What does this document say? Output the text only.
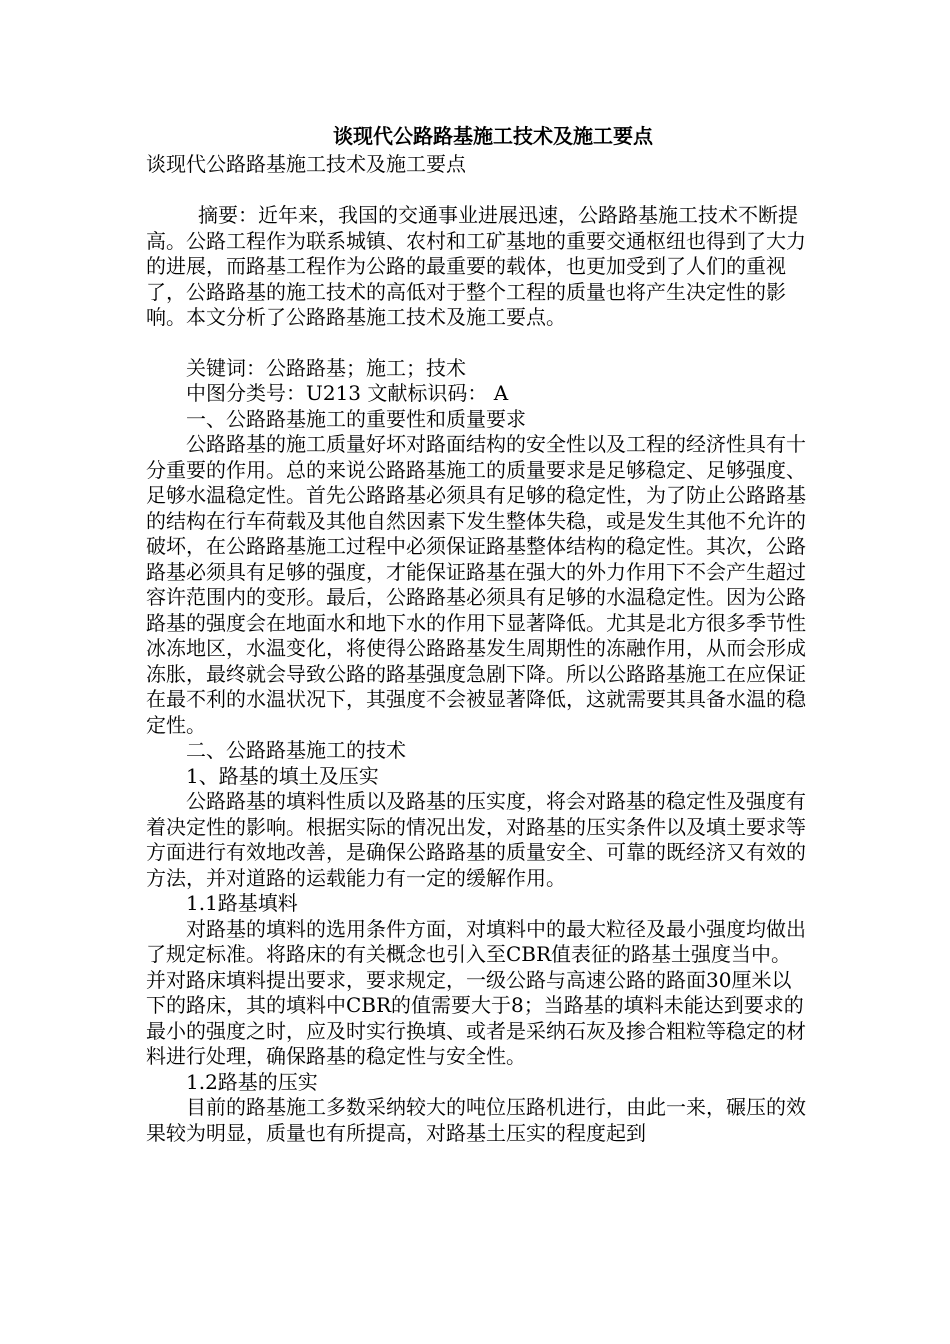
谈现代公路路基施工技术及施工要点

谈现代公路路基施工技术及施工要点

摘要：近年来，我国的交通事业进展迅速，公路路基施工技术不断提高。公路工程作为联系城镇、农村和工矿基地的重要交通枢纽也得到了大力的进展，而路基工程作为公路的最重要的载体，也更加受到了人们的重视了，公路路基的施工技术的高低对于整个工程的质量也将产生决定性的影响。本文分析了公路路基施工技术及施工要点。

关键词：公路路基；施工；技术

中图分类号：U213 文献标识码： A

一、公路路基施工的重要性和质量要求

公路路基的施工质量好坏对路面结构的安全性以及工程的经济性具有十分重要的作用。总的来说公路路基施工的质量要求是足够稳定、足够强度、足够水温稳定性。首先公路路基必须具有足够的稳定性，为了防止公路路基的结构在行车荷载及其他自然因素下发生整体失稳，或是发生其他不允许的破坏，在公路路基施工过程中必须保证路基整体结构的稳定性。其次，公路路基必须具有足够的强度，才能保证路基在强大的外力作用下不会产生超过容许范围内的变形。最后，公路路基必须具有足够的水温稳定性。因为公路路基的强度会在地面水和地下水的作用下显著降低。尤其是北方很多季节性冰冻地区，水温变化，将使得公路路基发生周期性的冻融作用，从而会形成冻胀，最终就会导致公路的路基强度急剧下降。所以公路路基施工在应保证在最不利的水温状况下，其强度不会被显著降低，这就需要其具备水温的稳定性。

二、公路路基施工的技术

1、路基的填土及压实

公路路基的填料性质以及路基的压实度，将会对路基的稳定性及强度有着决定性的影响。根据实际的情况出发，对路基的压实条件以及填土要求等方面进行有效地改善，是确保公路路基的质量安全、可靠的既经济又有效的方法，并对道路的运载能力有一定的缓解作用。

1.1路基填料

对路基的填料的选用条件方面，对填料中的最大粒径及最小强度均做出了规定标准。将路床的有关概念也引入至CBR值表征的路基土强度当中。并对路床填料提出要求，要求规定，一级公路与高速公路的路面30厘米以下的路床，其的填料中CBR的值需要大于8；当路基的填料未能达到要求的最小的强度之时，应及时实行换填、或者是采纳石灰及掺合粗粒等稳定的材料进行处理，确保路基的稳定性与安全性。

1.2路基的压实

目前的路基施工多数采纳较大的吨位压路机进行，由此一来，碾压的效果较为明显，质量也有所提高，对路基土压实的程度起到
